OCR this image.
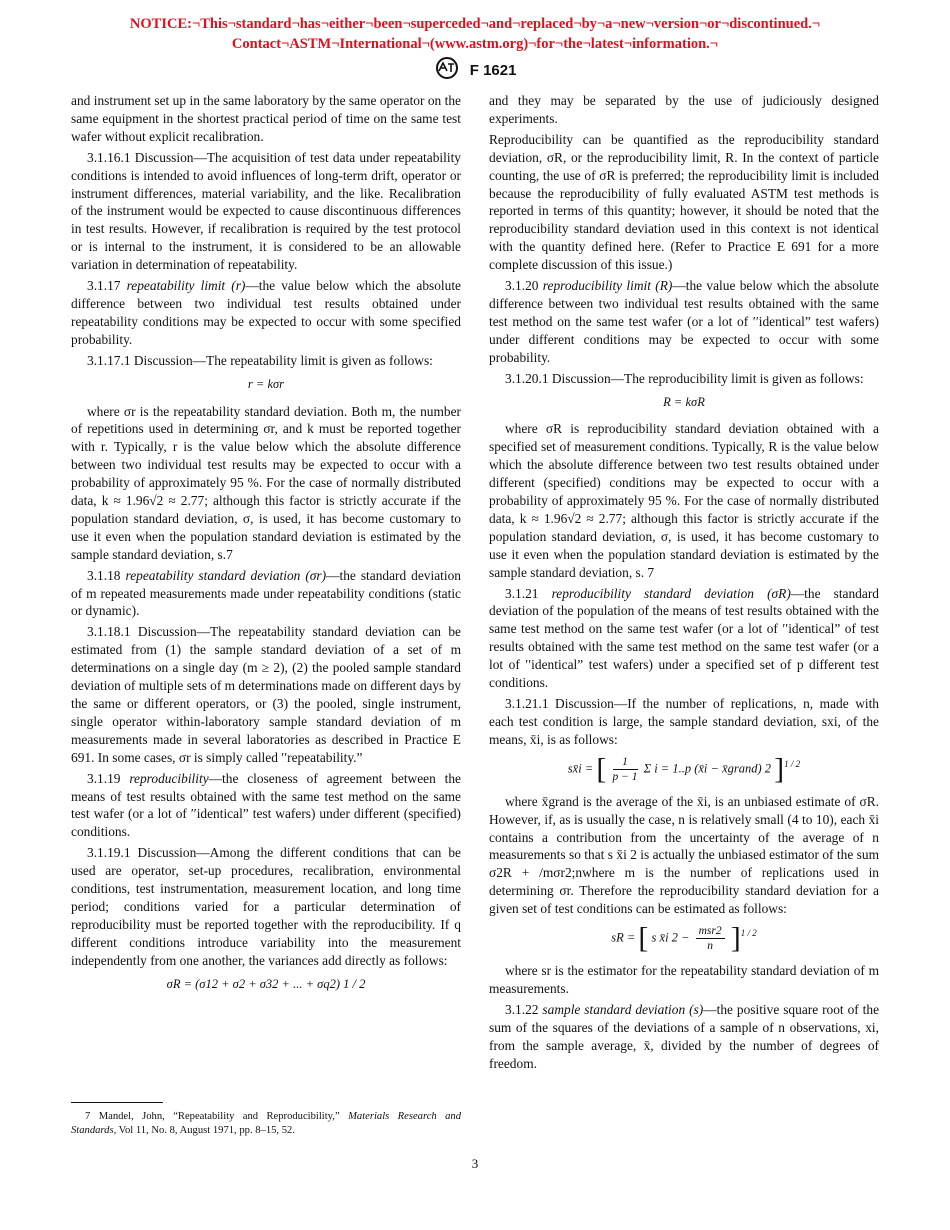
NOTICE:¬This¬standard¬has¬either¬been¬superceded¬and¬replaced¬by¬a¬new¬version¬or¬discontinued.¬
Contact¬ASTM¬International¬(www.astm.org)¬for¬the¬latest¬information.¬
F 1621

and instrument set up in the same laboratory by the same operator on the same equipment in the shortest practical period of time on the same test wafer without explicit recalibration.

3.1.16.1 Discussion—The acquisition of test data under repeatability conditions is intended to avoid influences of long-term drift, operator or instrument differences, material variability, and the like. Recalibration of the instrument would be expected to cause discontinuous differences in test results. However, if recalibration is required by the test protocol or is internal to the instrument, it is considered to be an allowable variation in determination of repeatability.

3.1.17 repeatability limit (r)—the value below which the absolute difference between two individual test results obtained under repeatability conditions may be expected to occur with some specified probability.

3.1.17.1 Discussion—The repeatability limit is given as follows:

r = kσr

where σr is the repeatability standard deviation. Both m, the number of repetitions used in determining σr, and k must be reported together with r. Typically, r is the value below which the absolute difference between two individual test results may be expected to occur with a probability of approximately 95 %. For the case of normally distributed data, k ≈ 1.96√2 ≈ 2.77; although this factor is strictly accurate if the population standard deviation, σ, is used, it has become customary to use it even when the population standard deviation is estimated by the sample standard deviation, s.7

3.1.18 repeatability standard deviation (σr)—the standard deviation of m repeated measurements made under repeatability conditions (static or dynamic).

3.1.18.1 Discussion—The repeatability standard deviation can be estimated from (1) the sample standard deviation of a set of m determinations on a single day (m ≥ 2), (2) the pooled sample standard deviation of multiple sets of m determinations made on different days by the same or different operators, or (3) the pooled, single instrument, single operator within-laboratory sample standard deviation of m measurements made in several laboratories as described in Practice E 691. In some cases, σr is simply called ′′repeatability.”

3.1.19 reproducibility—the closeness of agreement between the means of test results obtained with the same test method on the same test wafer (or a lot of ′′identical” test wafers) under different (specified) conditions.

3.1.19.1 Discussion—Among the different conditions that can be used are operator, set-up procedures, recalibration, environmental conditions, test instrumentation, measurement location, and long time period; conditions varied for a particular determination of reproducibility must be reported together with the reproducibility. If q different conditions introduce variability into the measurement independently from one another, the variances add directly as follows:

σR = (σ12 + σ2 + σ32 + ... + σq2) 1 / 2
7 Mandel, John, “Repeatability and Reproducibility,” Materials Research and Standards, Vol 11, No. 8, August 1971, pp. 8–15, 52.

and they may be separated by the use of judiciously designed experiments.

Reproducibility can be quantified as the reproducibility standard deviation, σR, or the reproducibility limit, R. In the context of particle counting, the use of σR is preferred; the reproducibility limit is included because the reproducibility of fully evaluated ASTM test methods is reported in terms of this quantity; however, it should be noted that the reproducibility standard deviation used in this context is not identical with the quantity defined here. (Refer to Practice E 691 for a more complete discussion of this issue.)

3.1.20 reproducibility limit (R)—the value below which the absolute difference between two individual test results obtained with the same test method on the same test wafer (or a lot of ′′identical” test wafers) under different conditions may be expected to occur with some probability.

3.1.20.1 Discussion—The reproducibility limit is given as follows:

R = kσR

where σR is reproducibility standard deviation obtained with a specified set of measurement conditions. Typically, R is the value below which the absolute difference between two test results obtained under different (specified) conditions may be expected to occur with a probability of approximately 95 %. For the case of normally distributed data, k ≈ 1.96√2 ≈ 2.77; although this factor is strictly accurate if the population standard deviation, σ, is used, it has become customary to use it even when the population standard deviation is estimated by the sample standard deviation, s. 7

3.1.21 reproducibility standard deviation (σR)—the standard deviation of the population of the means of test results obtained with the same test method on the same test wafer (or a lot of ′′identical” of test results obtained with the same test method on the same test wafer (or a lot of ′′identical” test wafers) under a specified set of p different test conditions.

3.1.21.1 Discussion—If the number of replications, n, made with each test condition is large, the sample standard deviation, sxi, of the means, x̄i, is as follows:

sx̄i = [ $\frac{1}{p - 1}$ Σ i = 1..p (x̄i − x̄grand) 2 ]$^{1 / 2}$

where x̄grand is the average of the x̄i, is an unbiased estimate of σR. However, if, as is usually the case, n is relatively small (4 to 10), each x̄i contains a contribution from the uncertainty of the average of n measurements so that s x̄i 2 is actually the unbiased estimator of the sum σ2R + /mσr2;nwhere m is the number of replications used in determining σr. Therefore the reproducibility standard deviation for a given set of test conditions can be estimated as follows:

sR = [ s x̄i $2 - \frac{\text{msr2}}{n} ]^{1 / 2}$

where sr is the estimator for the repeatability standard deviation of m measurements.

3.1.22 sample standard deviation (s)—the positive square root of the sum of the squares of the deviations of a sample of n observations, xi, from the sample average, x̄, divided by the number of degrees of freedom.

3
